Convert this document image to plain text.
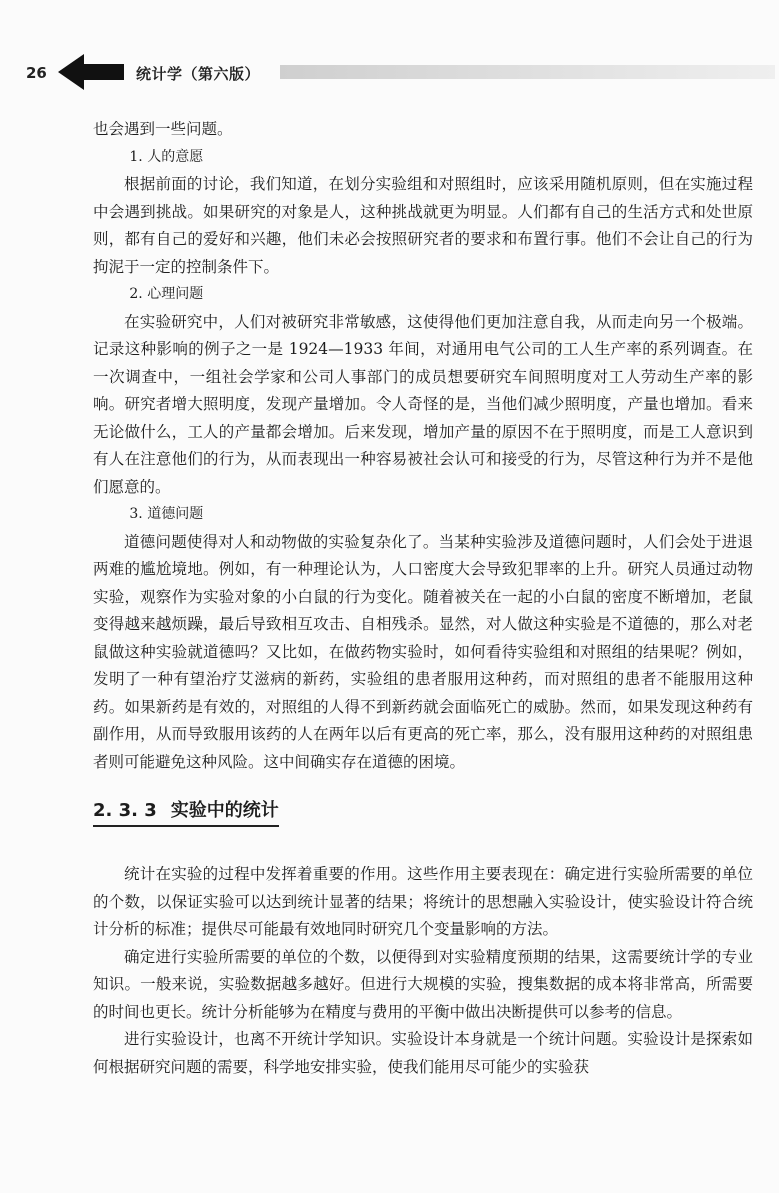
26	统计学（第六版）

也会遇到一些问题。

1. 人的意愿

根据前面的讨论，我们知道，在划分实验组和对照组时，应该采用随机原则，但在实施过程中会遇到挑战。如果研究的对象是人，这种挑战就更为明显。人们都有自己的生活方式和处世原则，都有自己的爱好和兴趣，他们未必会按照研究者的要求和布置行事。他们不会让自己的行为拘泥于一定的控制条件下。

2. 心理问题

在实验研究中，人们对被研究非常敏感，这使得他们更加注意自我，从而走向另一个极端。记录这种影响的例子之一是 1924—1933 年间，对通用电气公司的工人生产率的系列调查。在一次调查中，一组社会学家和公司人事部门的成员想要研究车间照明度对工人劳动生产率的影响。研究者增大照明度，发现产量增加。令人奇怪的是，当他们减少照明度，产量也增加。看来无论做什么，工人的产量都会增加。后来发现，增加产量的原因不在于照明度，而是工人意识到有人在注意他们的行为，从而表现出一种容易被社会认可和接受的行为，尽管这种行为并不是他们愿意的。

3. 道德问题

道德问题使得对人和动物做的实验复杂化了。当某种实验涉及道德问题时，人们会处于进退两难的尴尬境地。例如，有一种理论认为，人口密度大会导致犯罪率的上升。研究人员通过动物实验，观察作为实验对象的小白鼠的行为变化。随着被关在一起的小白鼠的密度不断增加，老鼠变得越来越烦躁，最后导致相互攻击、自相残杀。显然，对人做这种实验是不道德的，那么对老鼠做这种实验就道德吗？又比如，在做药物实验时，如何看待实验组和对照组的结果呢？例如，发明了一种有望治疗艾滋病的新药，实验组的患者服用这种药，而对照组的患者不能服用这种药。如果新药是有效的，对照组的人得不到新药就会面临死亡的威胁。然而，如果发现这种药有副作用，从而导致服用该药的人在两年以后有更高的死亡率，那么，没有服用这种药的对照组患者则可能避免这种风险。这中间确实存在道德的困境。

2. 3. 3 实验中的统计

统计在实验的过程中发挥着重要的作用。这些作用主要表现在：确定进行实验所需要的单位的个数，以保证实验可以达到统计显著的结果；将统计的思想融入实验设计，使实验设计符合统计分析的标准；提供尽可能最有效地同时研究几个变量影响的方法。

确定进行实验所需要的单位的个数，以便得到对实验精度预期的结果，这需要统计学的专业知识。一般来说，实验数据越多越好。但进行大规模的实验，搜集数据的成本将非常高，所需要的时间也更长。统计分析能够为在精度与费用的平衡中做出决断提供可以参考的信息。

进行实验设计，也离不开统计学知识。实验设计本身就是一个统计问题。实验设计是探索如何根据研究问题的需要，科学地安排实验，使我们能用尽可能少的实验获
